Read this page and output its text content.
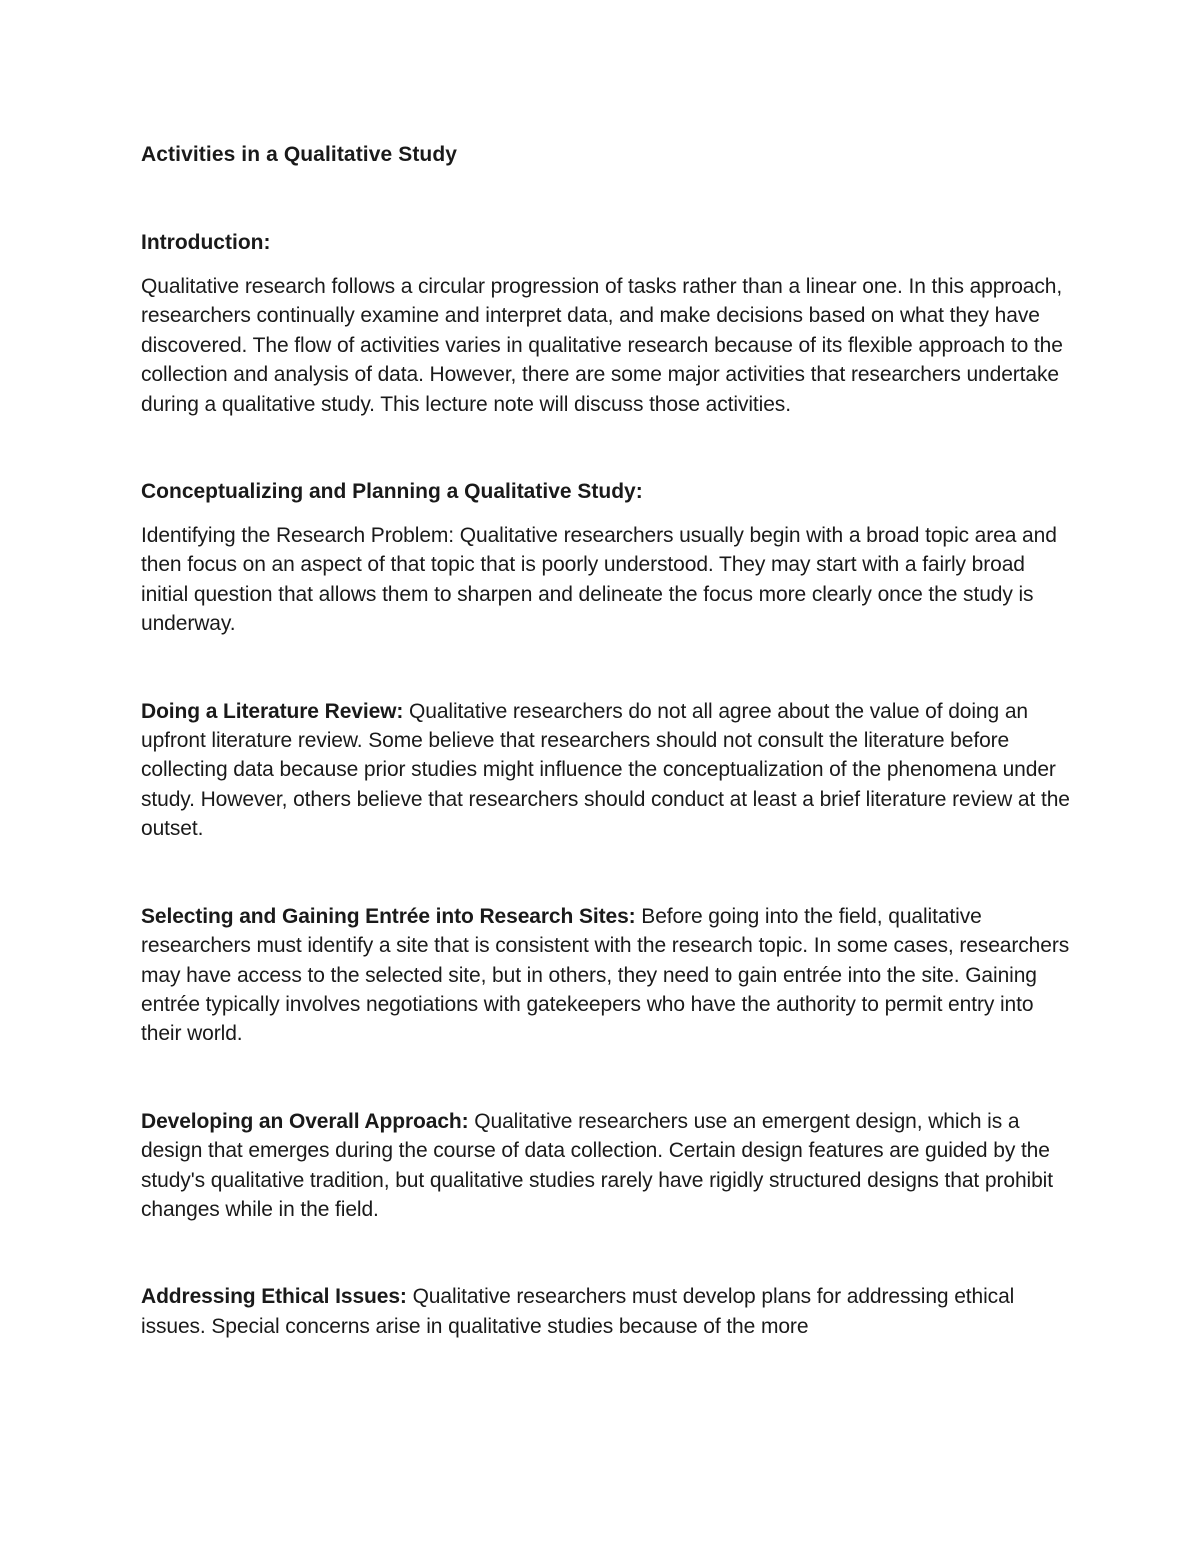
Activities in a Qualitative Study
Introduction:

Qualitative research follows a circular progression of tasks rather than a linear one. In this approach, researchers continually examine and interpret data, and make decisions based on what they have discovered. The flow of activities varies in qualitative research because of its flexible approach to the collection and analysis of data. However, there are some major activities that researchers undertake during a qualitative study. This lecture note will discuss those activities.

Conceptualizing and Planning a Qualitative Study:

Identifying the Research Problem: Qualitative researchers usually begin with a broad topic area and then focus on an aspect of that topic that is poorly understood. They may start with a fairly broad initial question that allows them to sharpen and delineate the focus more clearly once the study is underway.

Doing a Literature Review: Qualitative researchers do not all agree about the value of doing an upfront literature review. Some believe that researchers should not consult the literature before collecting data because prior studies might influence the conceptualization of the phenomena under study. However, others believe that researchers should conduct at least a brief literature review at the outset.

Selecting and Gaining Entrée into Research Sites: Before going into the field, qualitative researchers must identify a site that is consistent with the research topic. In some cases, researchers may have access to the selected site, but in others, they need to gain entrée into the site. Gaining entrée typically involves negotiations with gatekeepers who have the authority to permit entry into their world.

Developing an Overall Approach: Qualitative researchers use an emergent design, which is a design that emerges during the course of data collection. Certain design features are guided by the study's qualitative tradition, but qualitative studies rarely have rigidly structured designs that prohibit changes while in the field.

Addressing Ethical Issues: Qualitative researchers must develop plans for addressing ethical issues. Special concerns arise in qualitative studies because of the more
